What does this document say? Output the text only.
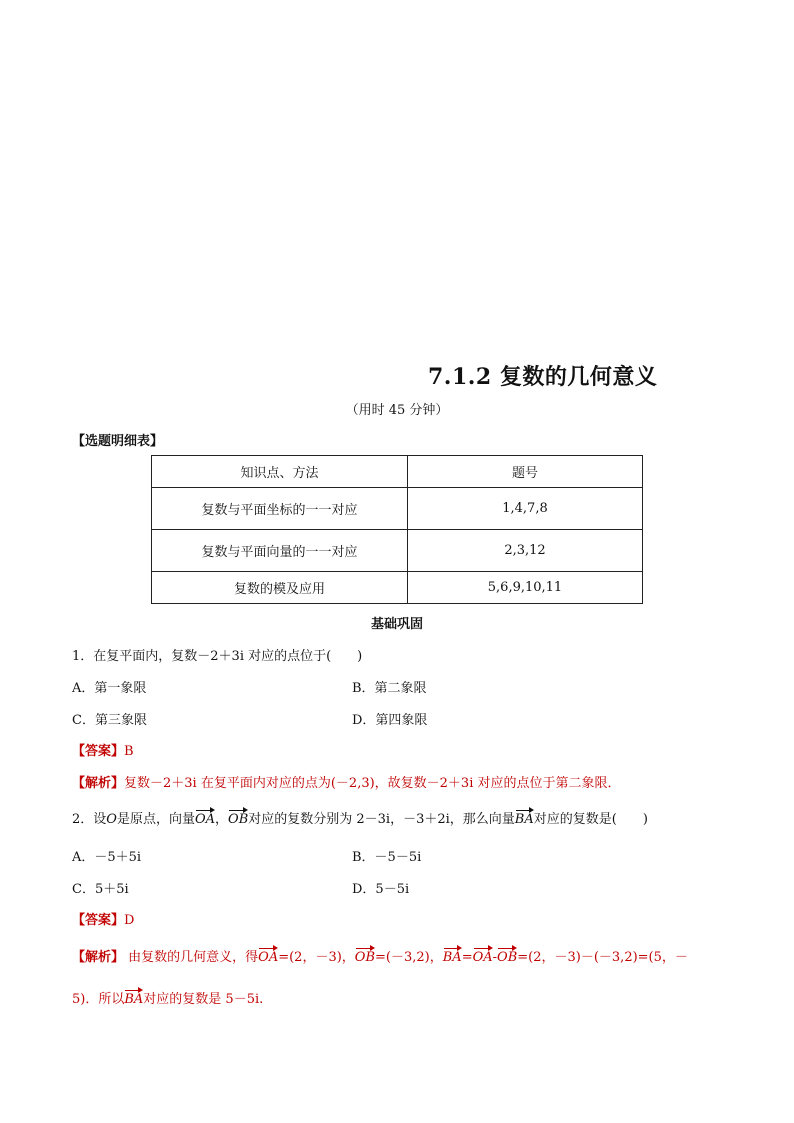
7.1.2 复数的几何意义
（用时 45 分钟）
【选题明细表】
知识点、方法	题号
复数与平面坐标的一一对应	1,4,7,8
复数与平面向量的一一对应	2,3,12
复数的模及应用	5,6,9,10,11
基础巩固
1．在复平面内，复数－2＋3i 对应的点位于(　　)
A．第一象限	B．第二象限
C．第三象限	D．第四象限
【答案】B
【解析】复数－2＋3i 在复平面内对应的点为(－2,3)，故复数－2＋3i 对应的点位于第二象限．
2．设O是原点，向量OA，OB对应的复数分别为 2－3i，－3＋2i，那么向量BA对应的复数是(　　)
A．－5＋5i	B．－5－5i
C．5＋5i	D．5－5i
【答案】D
【解析】 由复数的几何意义，得OA=(2，－3)，OB=(－3,2)，BA=OA-OB=(2，－3)－(－3,2)=(5，－
5)．所以BA对应的复数是 5－5i.
